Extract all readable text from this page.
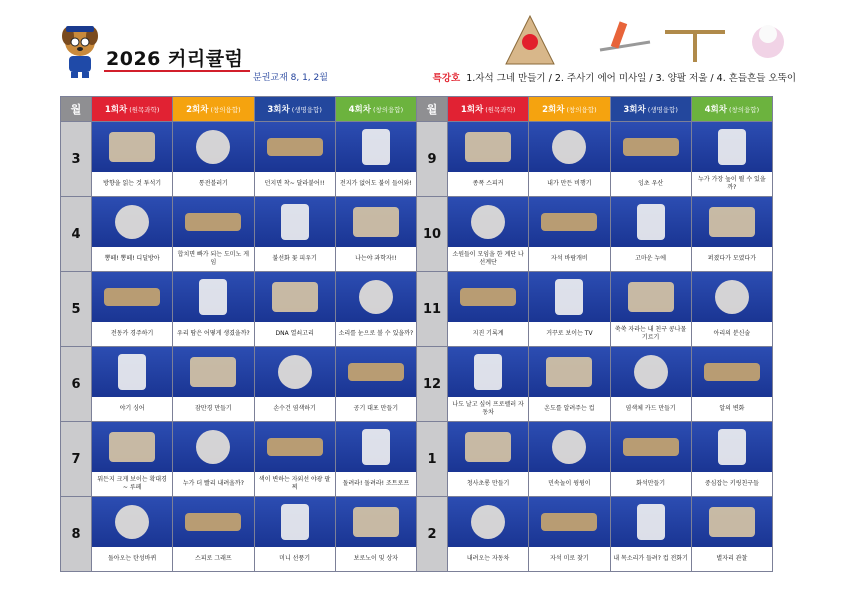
2026 커리큘럼
분권교재 8, 1, 2월	특강호 1.자석 그네 만들기 / 2. 주사기 에어 미사일 / 3. 양팔 저울 / 4. 흔들흔들 오뚝이
월	1회차 (원목과학)	2회차 (창의융합)	3회차 (생명융합)	4회차 (창의융합)	월	1회차 (원목과학)	2회차 (창의융합)	3회차 (생명융합)	4회차 (창의융합)
3	방향을 읽는 것 투석기	통전블러기	던지면 착~ 달라붙어!!	전지가 없어도 불이 들어와!	9	종폭 스피커	내가 만든 비행기	잉초 우산	누가 가장 높이 뛸 수 있을까?

4	뽕떼! 뽕떼! 디딜방아	합치면 빠가 되는 도미노 게임	불선화 꽃 피우기	나는야 과학자!!	10	소원들이 모임을 한 계단 나선계단	자석 바람개비	고마운 누에	퍼졌다가 모였다가

5	전동카 경주하기	우리 땀은 어떻게 생겼을까?	DNA 열쇠고리	소리를 눈으로 볼 수 있을까?	11	지진 기록계	거꾸로 보이는 TV	쑥쑥 자라는 내 친구 콩나물 기르기	아리의 분신술

6	야기 싱어	잠만경 만들기	손수건 염색하기	공기 대포 만들기	12	나도 날고 싶어 프로펠러 자동차	온도를 알려주는 컵	염색체 카드 만들기	알의 변화

7	뭐든지 크게 보이는 확대경 ~ 루페	누가 더 빨리 내려올까?	색이 변하는 자외선 야광 팔찌	돌려라! 돌려라! 조트로프	1	청사초롱 만들기	민속놀이 윙윙이	화석만들기	중심잡는 키링친구들

8	돌아오는 탄성바퀴	스피로 그래프	미니 선풍기	보로노이 및 상자	2	내려오는 자동차	자석 미로 찾기	내 목소리가 들려? 컵 전화기	별자리 관찰
